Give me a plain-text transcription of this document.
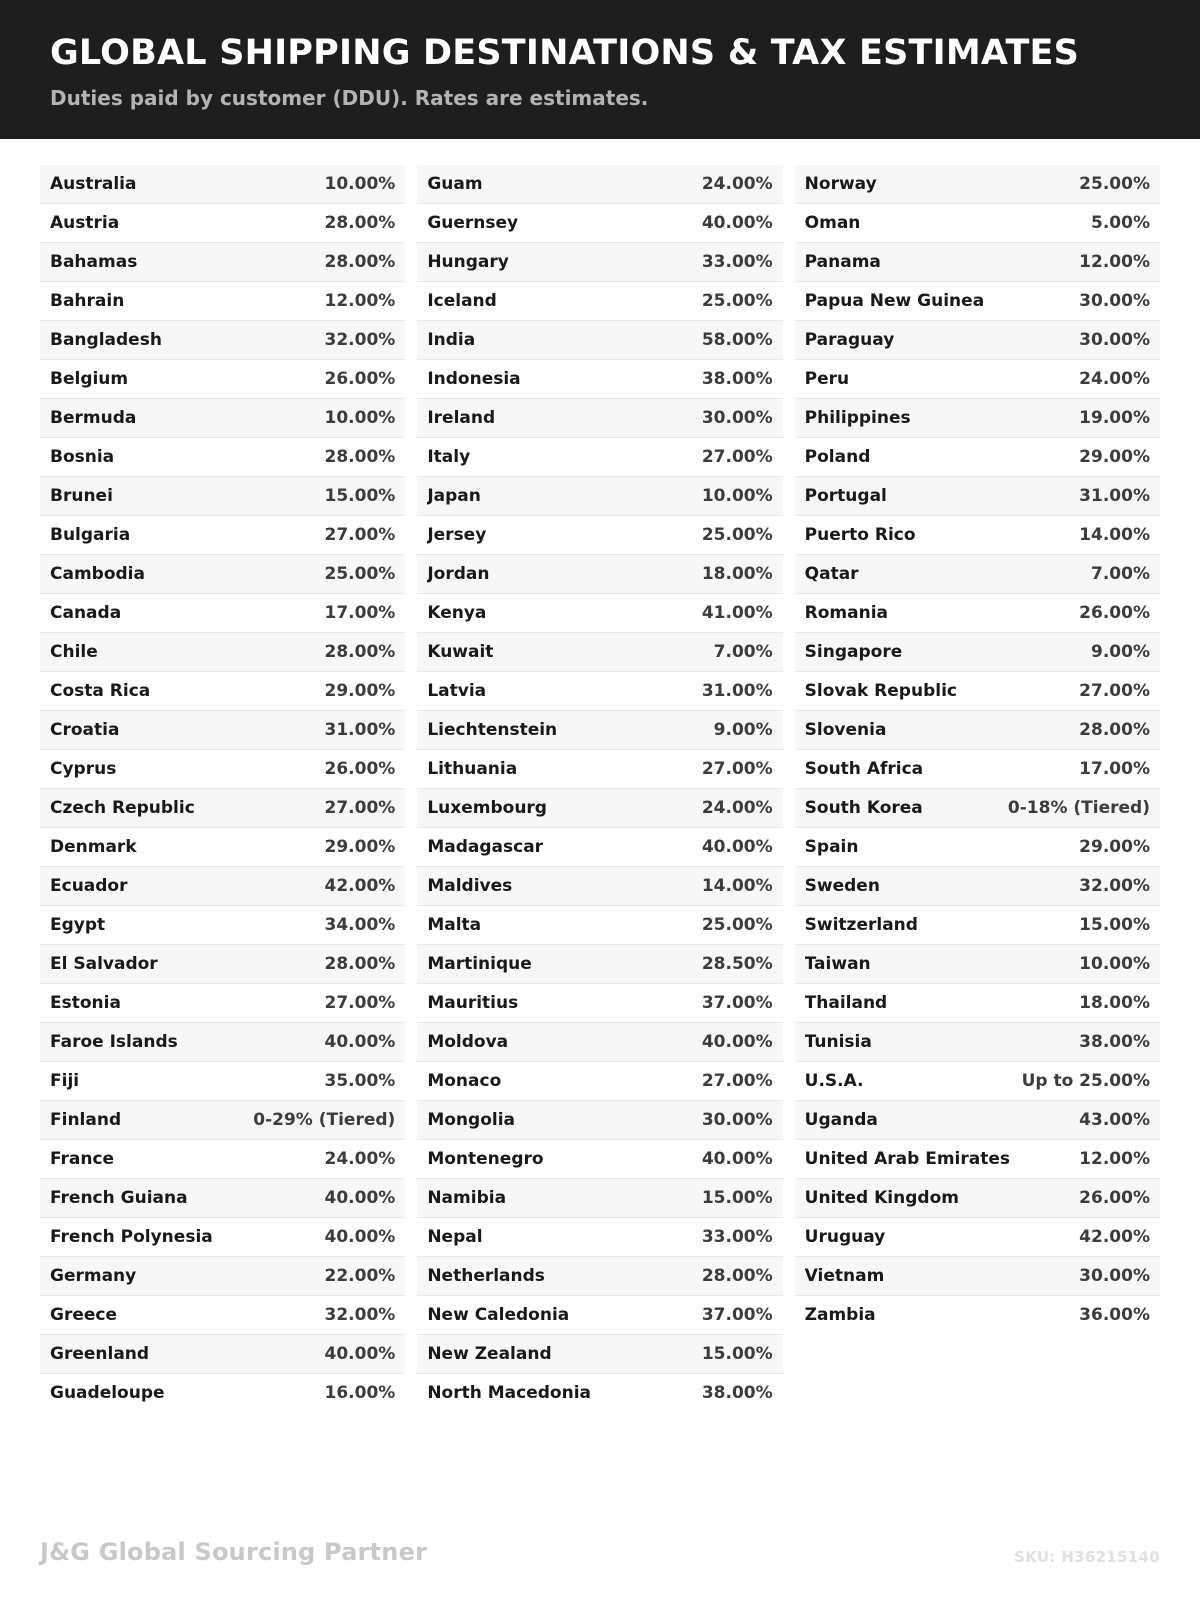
GLOBAL SHIPPING DESTINATIONS & TAX ESTIMATES

Duties paid by customer (DDU). Rates are estimates.

Australia	10.00%
Austria	28.00%
Bahamas	28.00%
Bahrain	12.00%
Bangladesh	32.00%
Belgium	26.00%
Bermuda	10.00%
Bosnia	28.00%
Brunei	15.00%
Bulgaria	27.00%
Cambodia	25.00%
Canada	17.00%
Chile	28.00%
Costa Rica	29.00%
Croatia	31.00%
Cyprus	26.00%
Czech Republic	27.00%
Denmark	29.00%
Ecuador	42.00%
Egypt	34.00%
El Salvador	28.00%
Estonia	27.00%
Faroe Islands	40.00%
Fiji	35.00%
Finland	0-29% (Tiered)
France	24.00%
French Guiana	40.00%
French Polynesia	40.00%
Germany	22.00%
Greece	32.00%
Greenland	40.00%
Guadeloupe	16.00%
Guam	24.00%
Guernsey	40.00%
Hungary	33.00%
Iceland	25.00%
India	58.00%
Indonesia	38.00%
Ireland	30.00%
Italy	27.00%
Japan	10.00%
Jersey	25.00%
Jordan	18.00%
Kenya	41.00%
Kuwait	7.00%
Latvia	31.00%
Liechtenstein	9.00%
Lithuania	27.00%
Luxembourg	24.00%
Madagascar	40.00%
Maldives	14.00%
Malta	25.00%
Martinique	28.50%
Mauritius	37.00%
Moldova	40.00%
Monaco	27.00%
Mongolia	30.00%
Montenegro	40.00%
Namibia	15.00%
Nepal	33.00%
Netherlands	28.00%
New Caledonia	37.00%
New Zealand	15.00%
North Macedonia	38.00%
Norway	25.00%
Oman	5.00%
Panama	12.00%
Papua New Guinea	30.00%
Paraguay	30.00%
Peru	24.00%
Philippines	19.00%
Poland	29.00%
Portugal	31.00%
Puerto Rico	14.00%
Qatar	7.00%
Romania	26.00%
Singapore	9.00%
Slovak Republic	27.00%
Slovenia	28.00%
South Africa	17.00%
South Korea	0-18% (Tiered)
Spain	29.00%
Sweden	32.00%
Switzerland	15.00%
Taiwan	10.00%
Thailand	18.00%
Tunisia	38.00%
U.S.A.	Up to 25.00%
Uganda	43.00%
United Arab Emirates	12.00%
United Kingdom	26.00%
Uruguay	42.00%
Vietnam	30.00%
Zambia	36.00%
J&G Global Sourcing Partner	SKU: H36215140
